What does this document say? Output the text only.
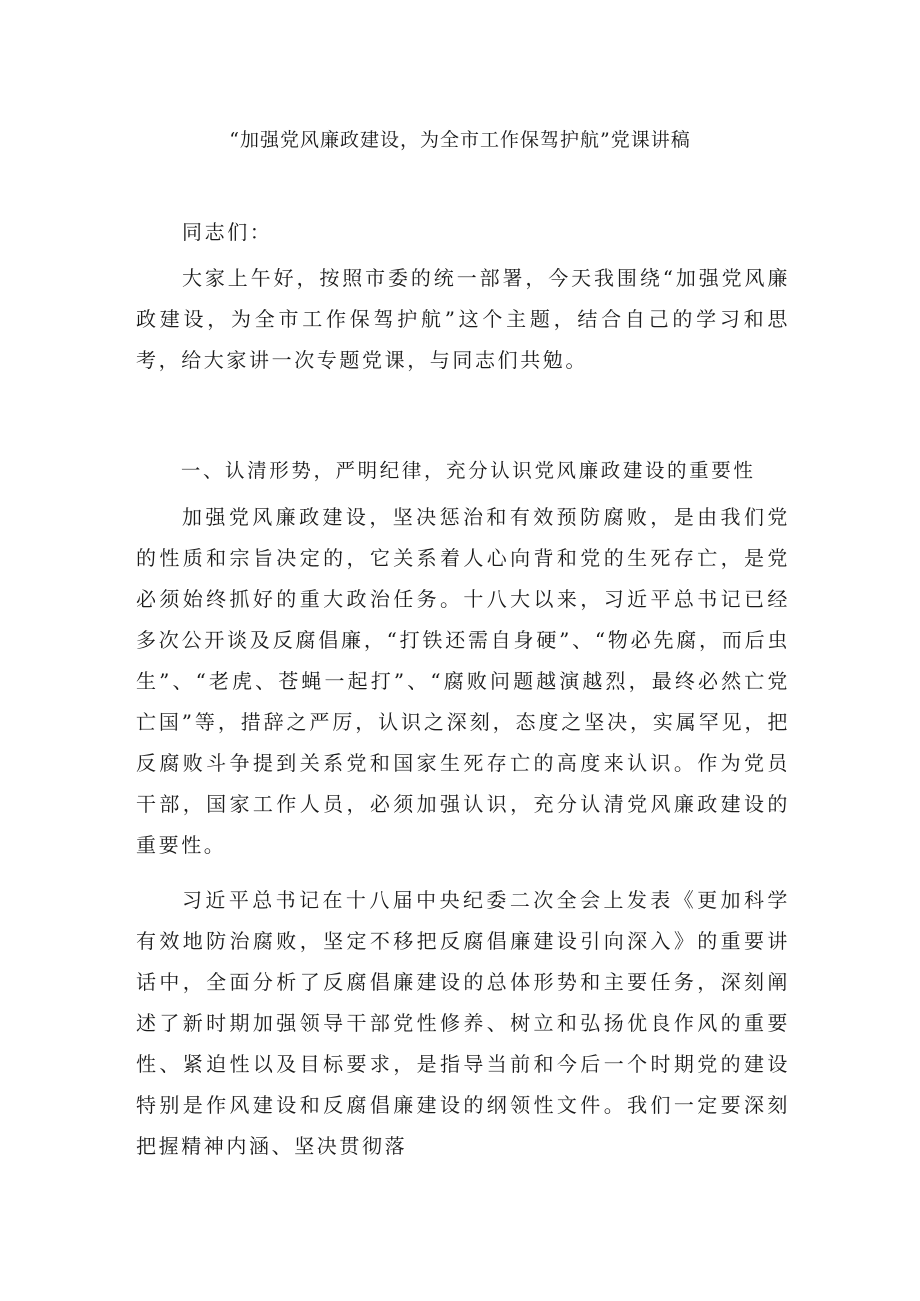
“加强党风廉政建设，为全市工作保驾护航”党课讲稿

同志们：

大家上午好，按照市委的统一部署，今天我围绕“加强党风廉政建设，为全市工作保驾护航”这个主题，结合自己的学习和思考，给大家讲一次专题党课，与同志们共勉。

一、认清形势，严明纪律，充分认识党风廉政建设的重要性

加强党风廉政建设，坚决惩治和有效预防腐败，是由我们党的性质和宗旨决定的，它关系着人心向背和党的生死存亡，是党必须始终抓好的重大政治任务。十八大以来，习近平总书记已经多次公开谈及反腐倡廉，“打铁还需自身硬”、“物必先腐，而后虫生”、“老虎、苍蝇一起打”、“腐败问题越演越烈，最终必然亡党亡国”等，措辞之严厉，认识之深刻，态度之坚决，实属罕见，把反腐败斗争提到关系党和国家生死存亡的高度来认识。作为党员干部，国家工作人员，必须加强认识，充分认清党风廉政建设的重要性。

习近平总书记在十八届中央纪委二次全会上发表《更加科学有效地防治腐败，坚定不移把反腐倡廉建设引向深入》的重要讲话中，全面分析了反腐倡廉建设的总体形势和主要任务，深刻阐述了新时期加强领导干部党性修养、树立和弘扬优良作风的重要性、紧迫性以及目标要求，是指导当前和今后一个时期党的建设特别是作风建设和反腐倡廉建设的纲领性文件。我们一定要深刻把握精神内涵、坚决贯彻落
